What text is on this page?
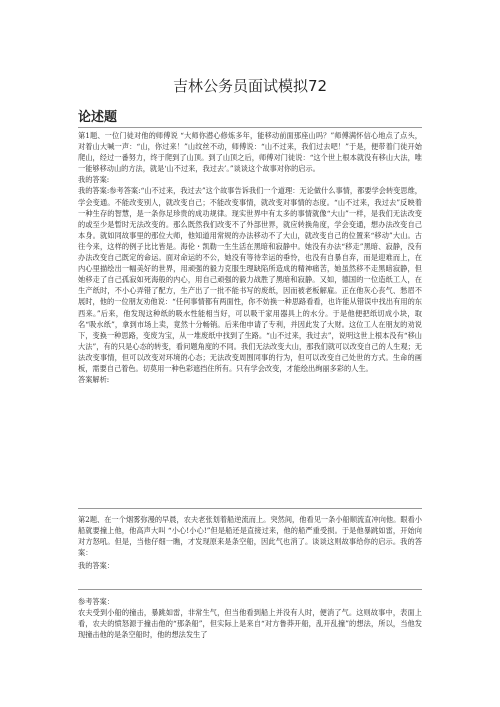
吉林公务员面试模拟72
论述题

第1题、一位门徒对他的师傅说 “大师你潜心修炼多年，能移动前面那座山吗？”师傅满怀信心地点了点头，对着山大喊一声：“山，你过来！”山纹丝不动，师傅说：“山不过来，我们过去吧！”于是，便带着门徒开始爬山，经过一番努力，终于爬到了山顶。到了山顶之后，师傅对门徒说：“这个世上根本就没有移山大法，唯一能够移动山的方法，就是‘山不过来，我过去’。”谈谈这个故事对你的启示。

我的答案:

我的答案:参考答案:“山不过来，我过去”这个故事告诉我们一个道理：无论做什么事情，都要学会转变思维，学会变通。不能改变别人，就改变自己；不能改变事情，就改变对事情的态度。“山不过来，我过去”反映着一种生存的智慧，是一条你足珍贵的成功规律。现实世界中有太多的事情就像“大山”一样，是我们无法改变的或至少是暂时无法改变的。那么既然我们改变不了外部世界，就应转换角度，学会变通，想办法改变自己本身。就如同故事里的那位大师，他知道用常规的办法移动不了大山，就改变自己的位置来“移动”大山。古往今来，这样的例子比比皆是。海伦・凯勒一生生活在黑暗和寂静中。她没有办法“移走”黑暗、寂静，没有办法改变自己既定的命运。面对命运的不公，她没有等待幸运的垂怜，也没有自暴自弃，而是迎难而上，在内心里描绘出一幅美好的世界，用顽强的毅力克服生理缺陷所造成的精神痛苦，她虽然移不走黑暗寂静，但她移走了自己孤寂如死海般的内心，用自己顽强的毅力战胜了黑暗和寂静。又如，德国的一位造纸工人，在生产纸时，不小心弄错了配方，生产出了一批不能书写的废纸，因而被老板解雇。正在他灰心丧气、愁眉不展时，他的一位朋友劝他说：“任何事情都有两面性，你不妨换一种思路看看，也许能从错误中找出有用的东西来。”后来，他发现这种纸的吸水性能相当好，可以吸干家用器具上的水分。于是他便把纸切成小块，取名“吸水纸”，拿到市场上卖，竟然十分畅销。后来他申请了专利，并因此发了大财。这位工人在朋友的劝说下，变换一种思路，变废为宝，从一堆废纸中找到了生路。“山不过来，我过去”，说明这世上根本没有“移山大法”，有的只是心态的转变，看问题角度的不同。我们无法改变大山，那我们就可以改变自己的人生观；无法改变事情，但可以改变对环境的心态；无法改变周围同事的行为，但可以改变自己处世的方式。生命的画板，需要自己着色。切莫用一种色彩遮挡住所有。只有学会改变，才能绘出绚丽多彩的人生。

答案解析:

第2题、在一个烟雾弥漫的早晨，农夫老张划着船逆流而上。突然间，他看见一条小船顺流直冲向他。眼看小船就要撞上他，他高声大叫 “小心!小心!”但是船还是直接过来，他的船严重受损。于是他暴跳如雷，开始向对方怒吼。但是，当他仔细一瞧，才发现原来是条空船，因此气也消了。谈谈这则故事给你的启示。我的答案：

我的答案：

参考答案：

农夫受到小船的撞击，暴跳如雷，非常生气，但当他看到船上并没有人时，便消了气。这则故事中，表面上看，农夫的愤怒源于撞击他的“那条船”，但实际上是来自“对方鲁莽开船，乱开乱撞”的想法，所以，当他发现撞击他的是条空船时，他的想法发生了
